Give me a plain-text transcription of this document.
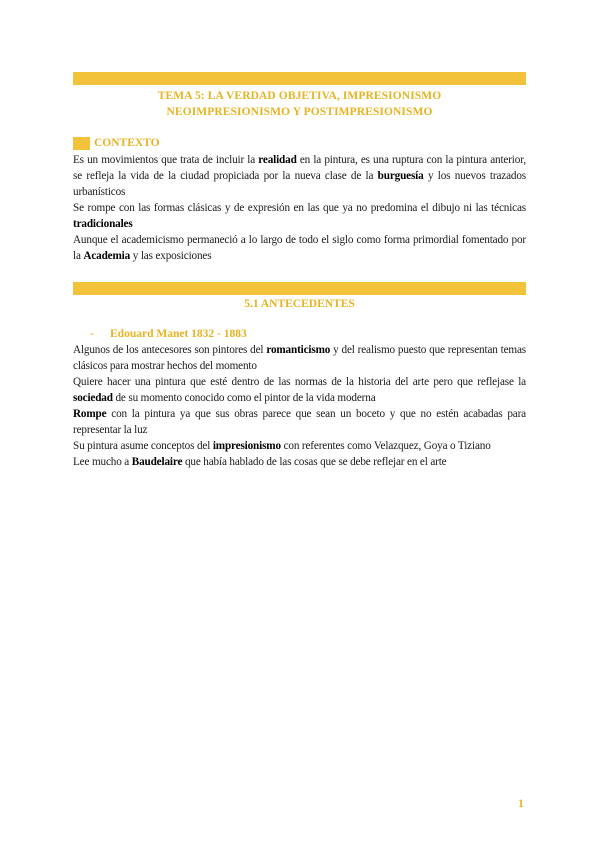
TEMA 5: LA VERDAD OBJETIVA, IMPRESIONISMO
NEOIMPRESIONISMO Y POSTIMPRESIONISMO
CONTEXTO

Es un movimientos que trata de incluir la realidad en la pintura, es una ruptura con la pintura anterior, se refleja la vida de la ciudad propiciada por la nueva clase de la burguesía y los nuevos trazados urbanísticos

Se rompe con las formas clásicas y de expresión en las que ya no predomina el dibujo ni las técnicas tradicionales

Aunque el academicismo permaneció a lo largo de todo el siglo como forma primordial fomentado por la Academia y las exposiciones

5.1 ANTECEDENTES
-	Edouard Manet 1832 - 1883

Algunos de los antecesores son pintores del romanticismo y del realismo puesto que representan temas clásicos para mostrar hechos del momento

Quiere hacer una pintura que esté dentro de las normas de la historia del arte pero que reflejase la sociedad de su momento conocido como el pintor de la vida moderna

Rompe con la pintura ya que sus obras parece que sean un boceto y que no estén acabadas para representar la luz

Su pintura asume conceptos del impresionismo con referentes como Velazquez, Goya o Tiziano

Lee mucho a Baudelaire que había hablado de las cosas que se debe reflejar en el arte

1
